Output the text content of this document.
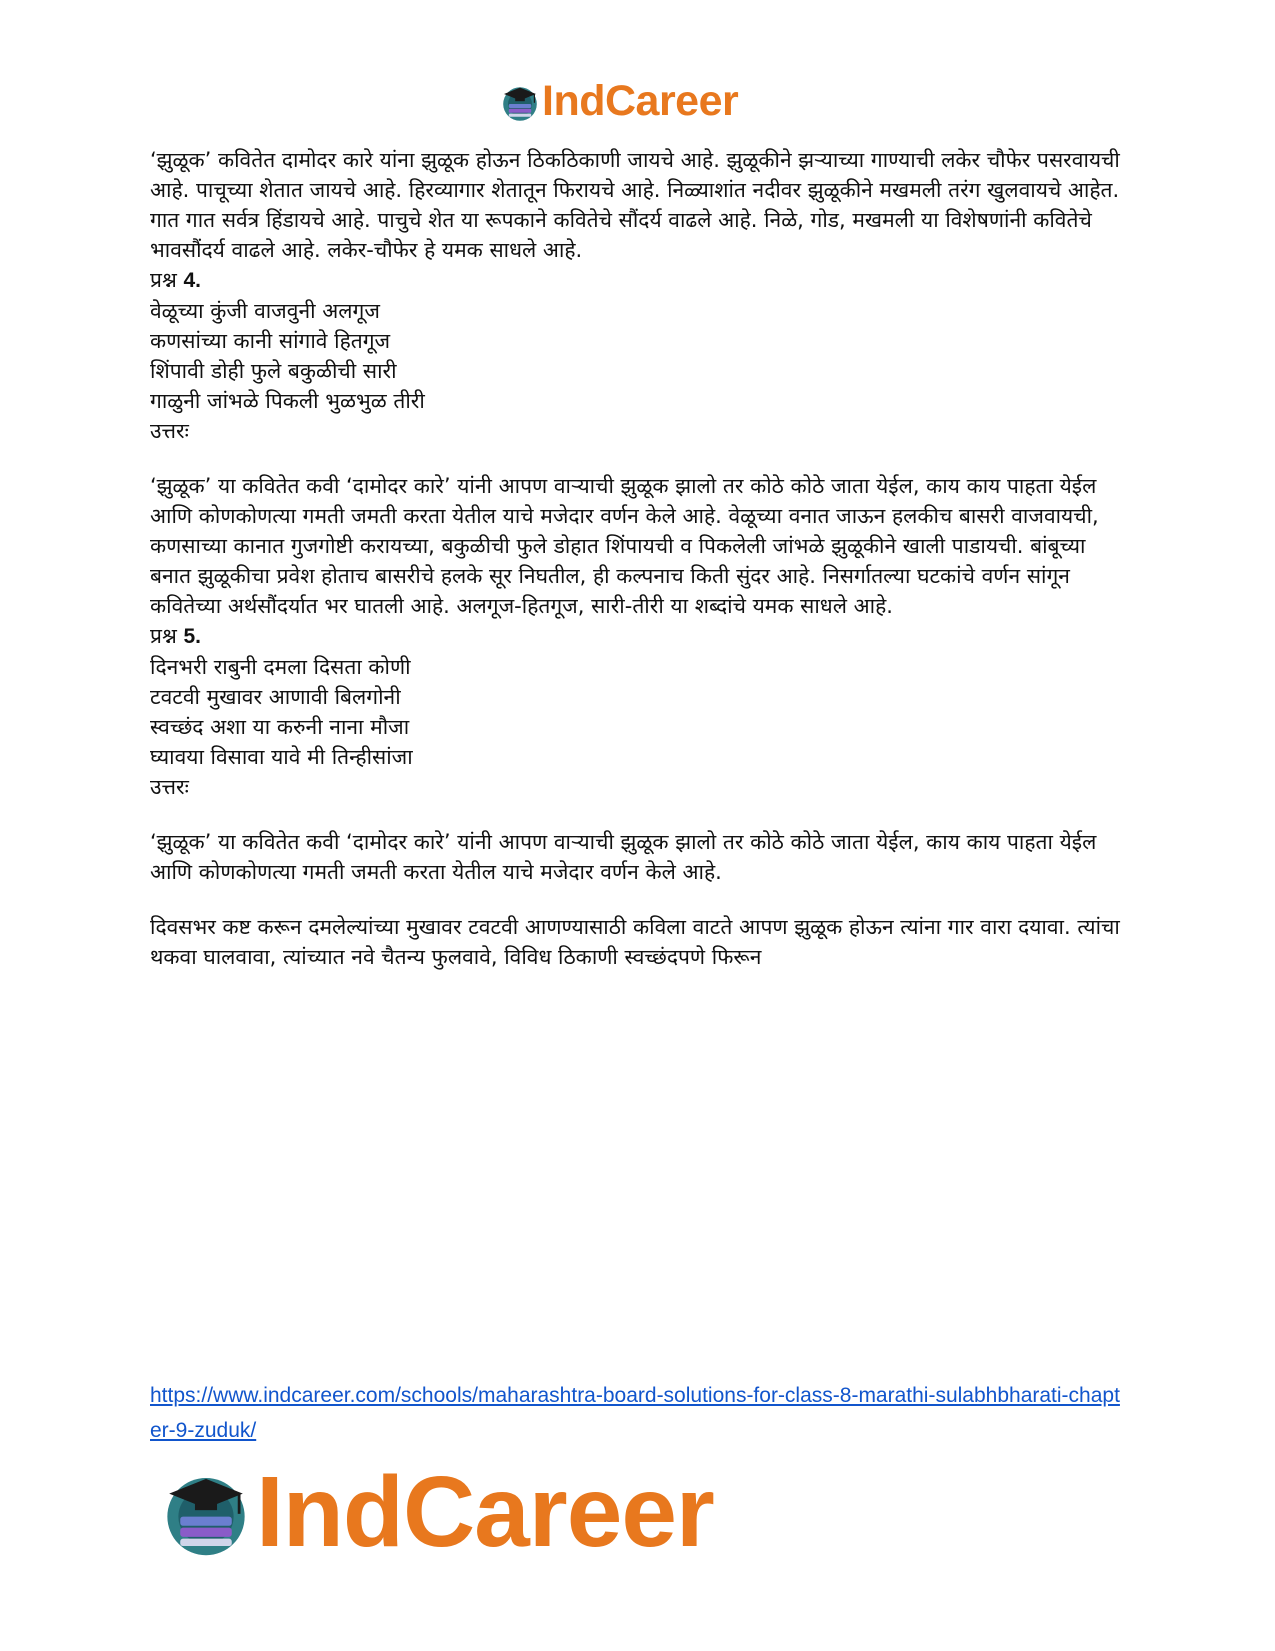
IndCareer

‘झुळूक’ कवितेत दामोदर कारे यांना झुळूक होऊन ठिकठिकाणी जायचे आहे. झुळूकीने झऱ्याच्या गाण्याची लकेर चौफेर पसरवायची आहे. पाचूच्या शेतात जायचे आहे. हिरव्यागार शेतातून फिरायचे आहे. निळ्याशांत नदीवर झुळूकीने मखमली तरंग खुलवायचे आहेत. गात गात सर्वत्र हिंडायचे आहे. पाचुचे शेत या रूपकाने कवितेचे सौंदर्य वाढले आहे. निळे, गोड, मखमली या विशेषणांनी कवितेचे भावसौंदर्य वाढले आहे. लकेर-चौफेर हे यमक साधले आहे.

प्रश्न 4.

वेळूच्या कुंजी वाजवुनी अलगूज

कणसांच्या कानी सांगावे हितगूज

शिंपावी डोही फुले बकुळीची सारी

गाळुनी जांभळे पिकली भुळभुळ तीरी

उत्तरः

‘झुळूक’ या कवितेत कवी ‘दामोदर कारे’ यांनी आपण वाऱ्याची झुळूक झालो तर कोठे कोठे जाता येईल, काय काय पाहता येईल आणि कोणकोणत्या गमती जमती करता येतील याचे मजेदार वर्णन केले आहे. वेळूच्या वनात जाऊन हलकीच बासरी वाजवायची, कणसाच्या कानात गुजगोष्टी करायच्या, बकुळीची फुले डोहात शिंपायची व पिकलेली जांभळे झुळूकीने खाली पाडायची. बांबूच्या बनात झुळूकीचा प्रवेश होताच बासरीचे हलके सूर निघतील, ही कल्पनाच किती सुंदर आहे. निसर्गातल्या घटकांचे वर्णन सांगून कवितेच्या अर्थसौंदर्यात भर घातली आहे. अलगूज-हितगूज, सारी-तीरी या शब्दांचे यमक साधले आहे.

प्रश्न 5.

दिनभरी राबुनी दमला दिसता कोणी

टवटवी मुखावर आणावी बिलगोनी

स्वच्छंद अशा या करुनी नाना मौजा

घ्यावया विसावा यावे मी तिन्हीसांजा

उत्तरः

‘झुळूक’ या कवितेत कवी ‘दामोदर कारे’ यांनी आपण वाऱ्याची झुळूक झालो तर कोठे कोठे जाता येईल, काय काय पाहता येईल आणि कोणकोणत्या गमती जमती करता येतील याचे मजेदार वर्णन केले आहे.

दिवसभर कष्ट करून दमलेल्यांच्या मुखावर टवटवी आणण्यासाठी कविला वाटते आपण झुळूक होऊन त्यांना गार वारा दयावा. त्यांचा थकवा घालवावा, त्यांच्यात नवे चैतन्य फुलवावे, विविध ठिकाणी स्वच्छंदपणे फिरून

https://www.indcareer.com/schools/maharashtra-board-solutions-for-class-8-marathi-sulabhbharati-chapter-9-zuduk/
IndCareer
